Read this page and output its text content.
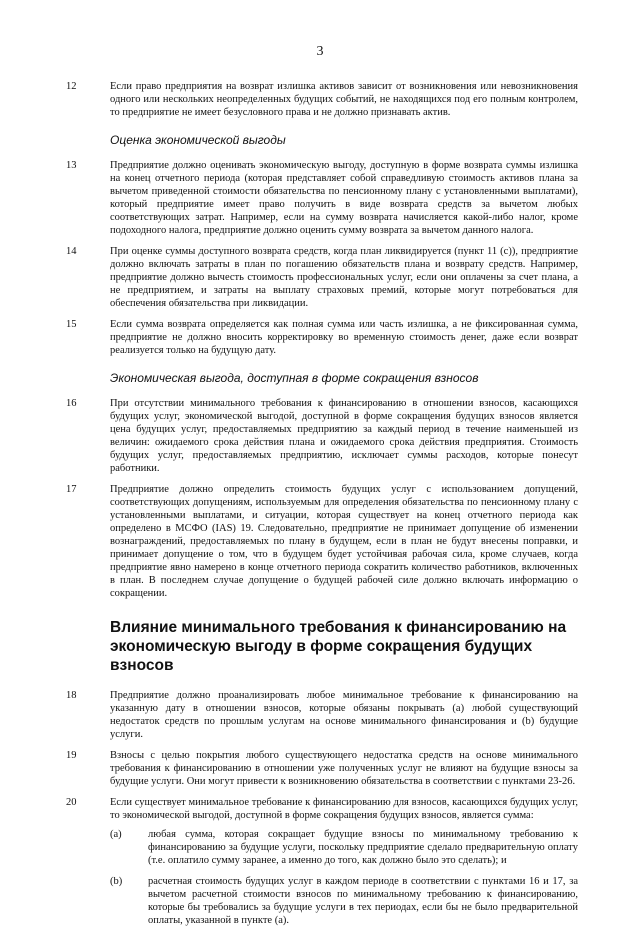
3
12	Если право предприятия на возврат излишка активов зависит от возникновения или невозникновения одного или нескольких неопределенных будущих событий, не находящихся под его полным контролем, то предприятие не имеет безусловного права и не должно признавать актив.
Оценка экономической выгоды
13	Предприятие должно оценивать экономическую выгоду, доступную в форме возврата суммы излишка на конец отчетного периода (которая представляет собой справедливую стоимость активов плана за вычетом приведенной стоимости обязательства по пенсионному плану с установленными выплатами), который предприятие имеет право получить в виде возврата средств за вычетом любых соответствующих затрат. Например, если на сумму возврата начисляется какой-либо налог, кроме подоходного налога, предприятие должно оценить сумму возврата за вычетом данного налога.
14	При оценке суммы доступного возврата средств, когда план ликвидируется (пункт 11 (c)), предприятие должно включать затраты в план по погашению обязательств плана и возврату средств. Например, предприятие должно вычесть стоимость профессиональных услуг, если они оплачены за счет плана, а не предприятием, и затраты на выплату страховых премий, которые могут потребоваться для обеспечения обязательства при ликвидации.
15	Если сумма возврата определяется как полная сумма или часть излишка, а не фиксированная сумма, предприятие не должно вносить корректировку во временную стоимость денег, даже если возврат реализуется только на будущую дату.
Экономическая выгода, доступная в форме сокращения взносов
16	При отсутствии минимального требования к финансированию в отношении взносов, касающихся будущих услуг, экономической выгодой, доступной в форме сокращения будущих взносов является цена будущих услуг, предоставляемых предприятию за каждый период в течение наименьшей из величин: ожидаемого срока действия плана и ожидаемого срока действия предприятия. Стоимость будущих услуг, предоставляемых предприятию, исключает суммы расходов, которые понесут работники.
17	Предприятие должно определить стоимость будущих услуг с использованием допущений, соответствующих допущениям, используемым для определения обязательства по пенсионному плану с установленными выплатами, и ситуации, которая существует на конец отчетного периода как определено в МСФО (IAS) 19. Следовательно, предприятие не принимает допущение об изменении вознаграждений, предоставляемых по плану в будущем, если в план не будут внесены поправки, и принимает допущение о том, что в будущем будет устойчивая рабочая сила, кроме случаев, когда предприятие явно намерено в конце отчетного периода сократить количество работников, включенных в план. В последнем случае допущение о будущей рабочей силе должно включать информацию о сокращении.
Влияние минимального требования к финансированию на экономическую выгоду в форме сокращения будущих взносов
18	Предприятие должно проанализировать любое минимальное требование к финансированию на указанную дату в отношении взносов, которые обязаны покрывать (a) любой существующий недостаток средств по прошлым услугам на основе минимального финансирования и (b) будущие услуги.
19	Взносы с целью покрытия любого существующего недостатка средств на основе минимального требования к финансированию в отношении уже полученных услуг не влияют на будущие взносы за будущие услуги. Они могут привести к возникновению обязательства в соответствии с пунктами 23-26.
20	Если существует минимальное требование к финансированию для взносов, касающихся будущих услуг, то экономической выгодой, доступной в форме сокращения будущих взносов, является сумма:
(a)	любая сумма, которая сокращает будущие взносы по минимальному требованию к финансированию за будущие услуги, поскольку предприятие сделало предварительную оплату (т.е. оплатило сумму заранее, а именно до того, как должно было это сделать); и
(b)	расчетная стоимость будущих услуг в каждом периоде в соответствии с пунктами 16 и 17, за вычетом расчетной стоимости взносов по минимальному требованию к финансированию, которые бы требовались за будущие услуги в тех периодах, если бы не было предварительной оплаты, указанной в пункте (a).
